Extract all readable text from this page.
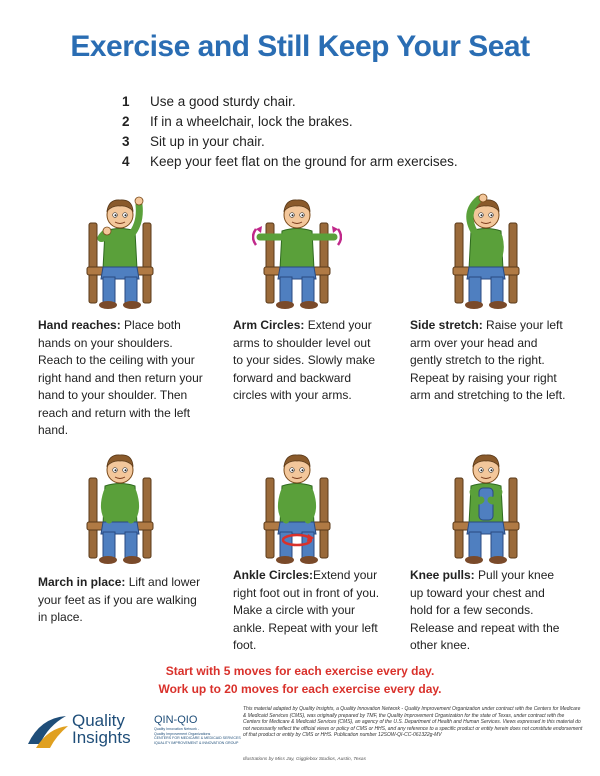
Exercise and Still Keep Your Seat
1	Use a good sturdy chair.
2	If in a wheelchair, lock the brakes.
3	Sit up in your chair.
4	Keep your feet flat on the ground for arm exercises.
Hand reaches: Place both hands on your shoulders. Reach to the ceiling with your right hand and then return your hand to your shoulder. Then reach and return with the left hand.
Arm Circles: Extend your arms to shoulder level out to your sides. Slowly make forward and backward circles with your arms.
Side stretch: Raise your left arm over your head and gently stretch to the right. Repeat by raising your right arm and stretching to the left.
March in place: Lift and lower your feet as if you are walking in place.
Ankle Circles:Extend your right foot out in front of you. Make a circle with your ankle. Repeat with your left foot.
Knee pulls: Pull your knee up toward your chest and hold for a few seconds. Release and repeat with the other knee.
Start with 5 moves for each exercise every day.
Work up to 20 moves for each exercise every day.
Quality
Insights
QIN-QIO
Quality Innovation Network -
Quality Improvement Organizations
CENTERS FOR MEDICARE & MEDICAID SERVICES
IQUALITY IMPROVEMENT & INNOVATION GROUP
This material adapted by Quality Insights, a Quality Innovation Network - Quality Improvement Organization under contract with the Centers for Medicare & Medicaid Services (CMS), was originally prepared by TMF, the Quality Improvement Organization for the state of Texas, under contract with the Centers for Medicare & Medicaid Services (CMS), an agency of the U.S. Department of Health and Human Services. Views expressed in this material do not necessarily reflect the official views or policy of CMS or HHS, and any reference to a specific product or entity herein does not constitute endorsement of that product or entity by CMS or HHS. Publication number 12SOW-QI-CC-061322g-MV
Illustrations by Miss Jay, Gigglebox Studios, Austin, Texas
